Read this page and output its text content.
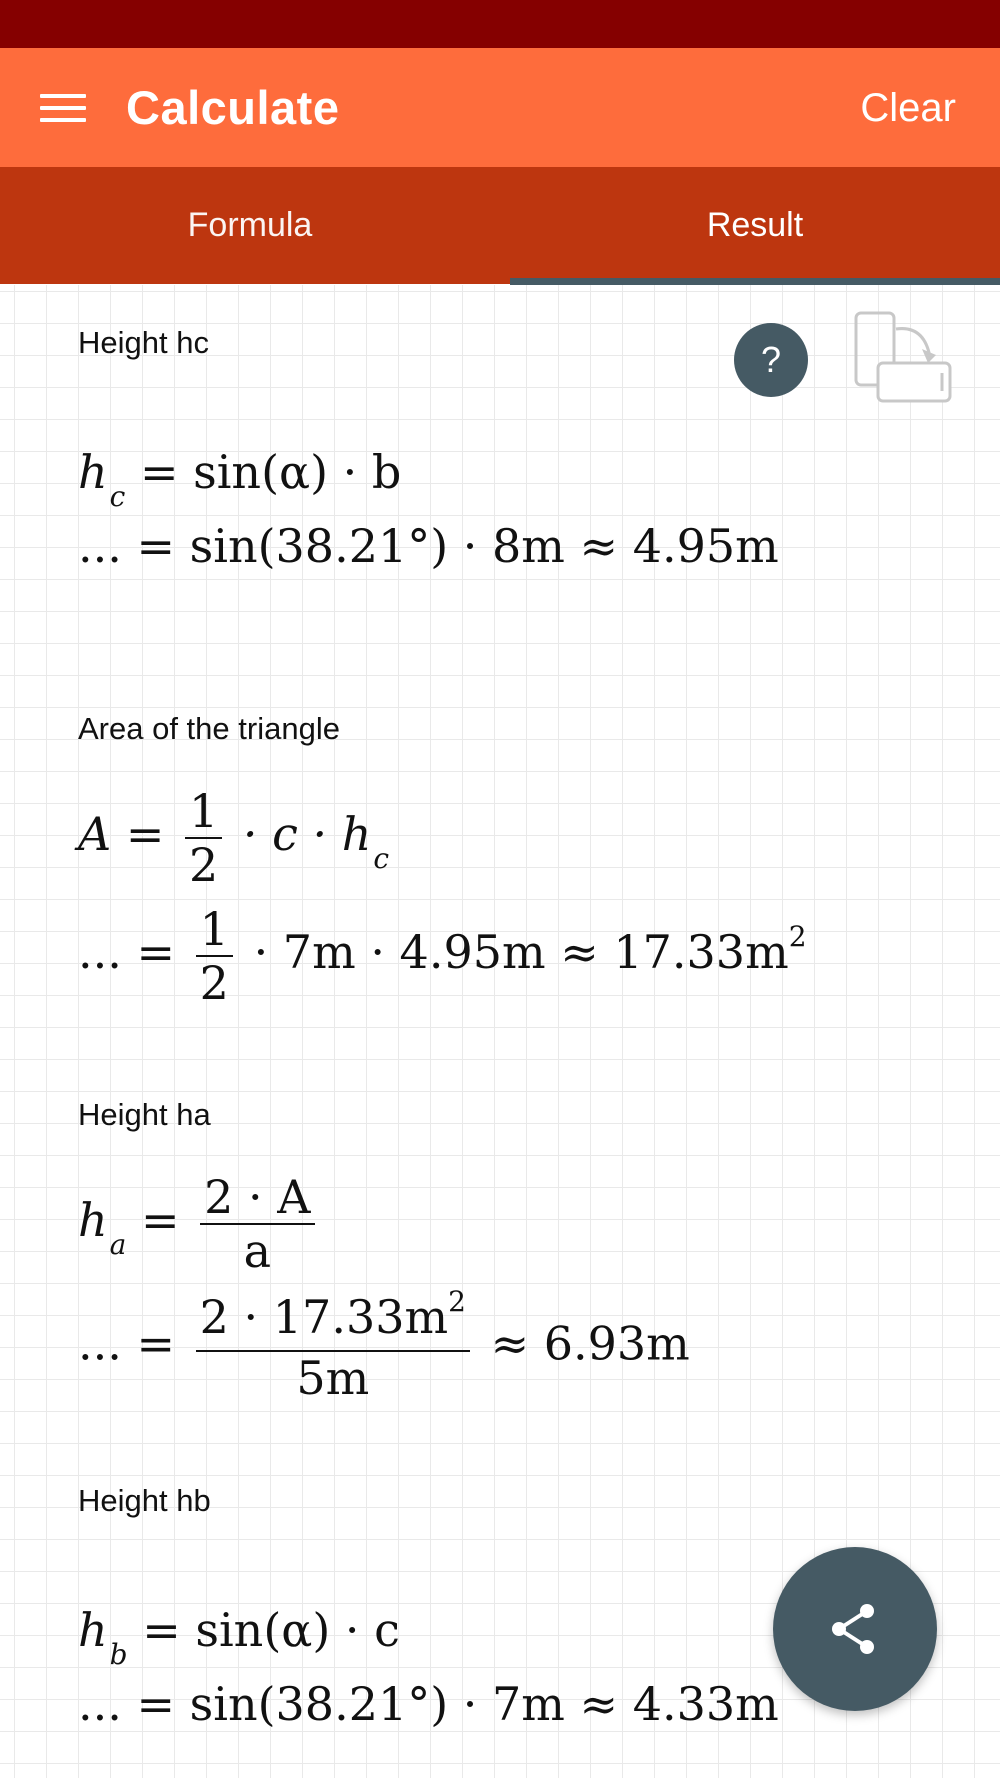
Calculate	Clear
Formula	Result
Height hc	?
$h_c = \sin(\alpha) \cdot b$
... = sin(38.21°) · 8m ≈ 4.95m
Area of the triangle
$A = \frac{1}{2} \cdot c \cdot h_c$
... = $\frac{1}{2} \cdot 7m \cdot 4.95m \approx 17.33m^2$
Height ha
$h_a = \frac{2 \cdot A}{a}$
... = $\frac{2 \cdot 17.33m^2}{5m} \approx 6.93m$
Height hb
$h_b = \sin(\alpha) \cdot c$
... = sin(38.21°) · 7m ≈ 4.33m
